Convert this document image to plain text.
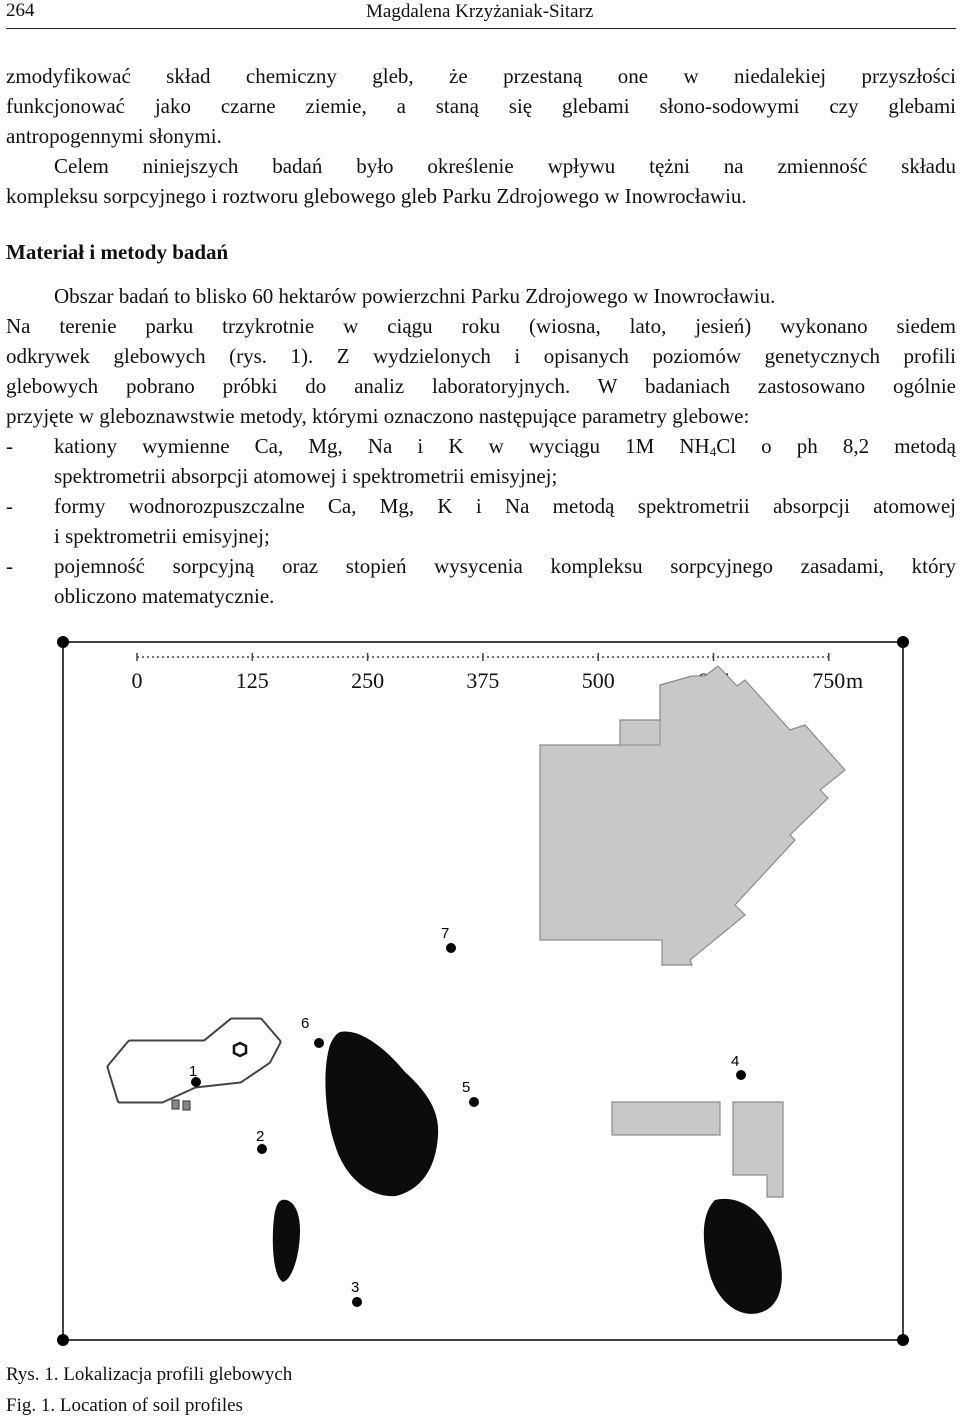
264	Magdalena Krzyżaniak-Sitarz
zmodyfikować skład chemiczny gleb, że przestaną one w niedalekiej przyszłości
funkcjonować jako czarne ziemie, a staną się glebami słono-sodowymi czy glebami
antropogennymi słonymi.
Celem niniejszych badań było określenie wpływu tężni na zmienność składu
kompleksu sorpcyjnego i roztworu glebowego gleb Parku Zdrojowego w Inowrocławiu.
Materiał i metody badań
Obszar badań to blisko 60 hektarów powierzchni Parku Zdrojowego w Inowrocławiu.
Na terenie parku trzykrotnie w ciągu roku (wiosna, lato, jesień) wykonano siedem
odkrywek glebowych (rys. 1). Z wydzielonych i opisanych poziomów genetycznych profili
glebowych pobrano próbki do analiz laboratoryjnych. W badaniach zastosowano ogólnie
przyjęte w gleboznawstwie metody, którymi oznaczono następujące parametry glebowe:
- kationy wymienne Ca, Mg, Na i K w wyciągu 1M $NH_4Cl$ o ph 8,2 metodą
spektrometrii absorpcji atomowej i spektrometrii emisyjnej;
- formy wodnorozpuszczalne Ca, Mg, K i Na metodą spektrometrii absorpcji atomowej
i spektrometrii emisyjnej;
- pojemność sorpcyjną oraz stopień wysycenia kompleksu sorpcyjnego zasadami, który
obliczono matematycznie.
0	125	250	375	500	750 m
1
2
3
4
5
6
7
Rys. 1. Lokalizacja profili glebowych
Fig. 1. Location of soil profiles
